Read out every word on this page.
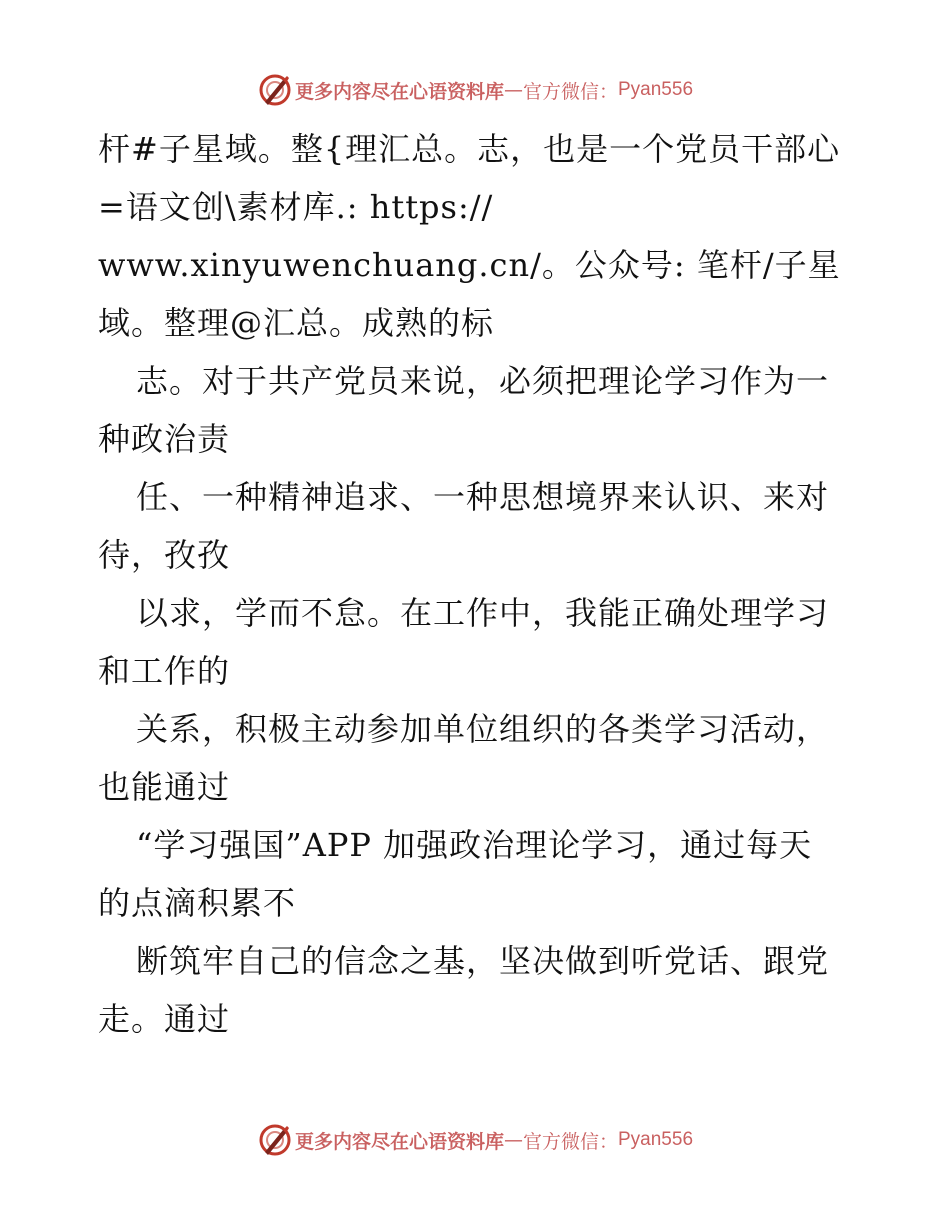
更多内容尽在心语资料库 — 官方微信： Pyan556
杆#子星域。整{理汇总。志，也是一个党员干部心
=语文创\素材库.: https://
www.xinyuwenchuang.cn/。公众号: 笔杆/子星
域。整理@汇总。成熟的标
志。对于共产党员来说，必须把理论学习作为一
种政治责
任、一种精神追求、一种思想境界来认识、来对
待，孜孜
以求，学而不怠。在工作中，我能正确处理学习
和工作的
关系，积极主动参加单位组织的各类学习活动，
也能通过
“学习强国”APP 加强政治理论学习，通过每天
的点滴积累不
断筑牢自己的信念之基，坚决做到听党话、跟党
走。通过
更多内容尽在心语资料库 — 官方微信： Pyan556
